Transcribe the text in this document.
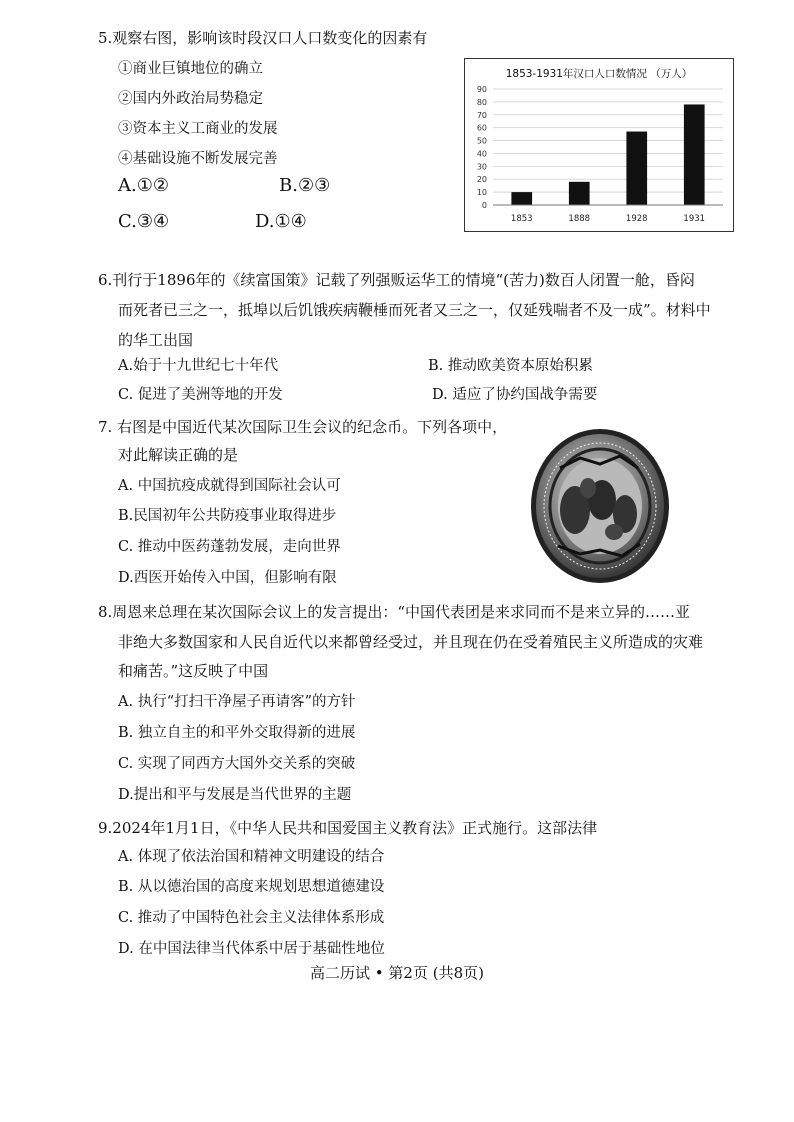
5.观察右图，影响该时段汉口人口数变化的因素有
①商业巨镇地位的确立
②国内外政治局势稳定
③资本主义工商业的发展
④基础设施不断发展完善
A.①②	B.②③
C.③④	D.①④
1853-1931年汉口人口数情况 （万人）
0
10
20
30
40
50
60
70
80
90
1853	1888	1928	1931
6.刊行于1896年的《续富国策》记载了列强贩运华工的情境“(苦力)数百人闭置一舱，昏闷
而死者已三之一，抵埠以后饥饿疾病鞭棰而死者又三之一，仅延残喘者不及一成”。材料中
的华工出国
A.始于十九世纪七十年代	B. 推动欧美资本原始积累
C. 促进了美洲等地的开发	D. 适应了协约国战争需要
7. 右图是中国近代某次国际卫生会议的纪念币。下列各项中，
对此解读正确的是
A. 中国抗疫成就得到国际社会认可
B.民国初年公共防疫事业取得进步
C. 推动中医药蓬勃发展，走向世界
D.西医开始传入中国，但影响有限
8.周恩来总理在某次国际会议上的发言提出：“中国代表团是来求同而不是来立异的……亚
非绝大多数国家和人民自近代以来都曾经受过，并且现在仍在受着殖民主义所造成的灾难
和痛苦。”这反映了中国
A. 执行“打扫干净屋子再请客”的方针
B. 独立自主的和平外交取得新的进展
C. 实现了同西方大国外交关系的突破
D.提出和平与发展是当代世界的主题
9.2024年1月1日，《中华人民共和国爱国主义教育法》正式施行。这部法律
A. 体现了依法治国和精神文明建设的结合
B. 从以德治国的高度来规划思想道德建设
C. 推动了中国特色社会主义法律体系形成
D. 在中国法律当代体系中居于基础性地位
高二历试 • 第2页 (共8页)
